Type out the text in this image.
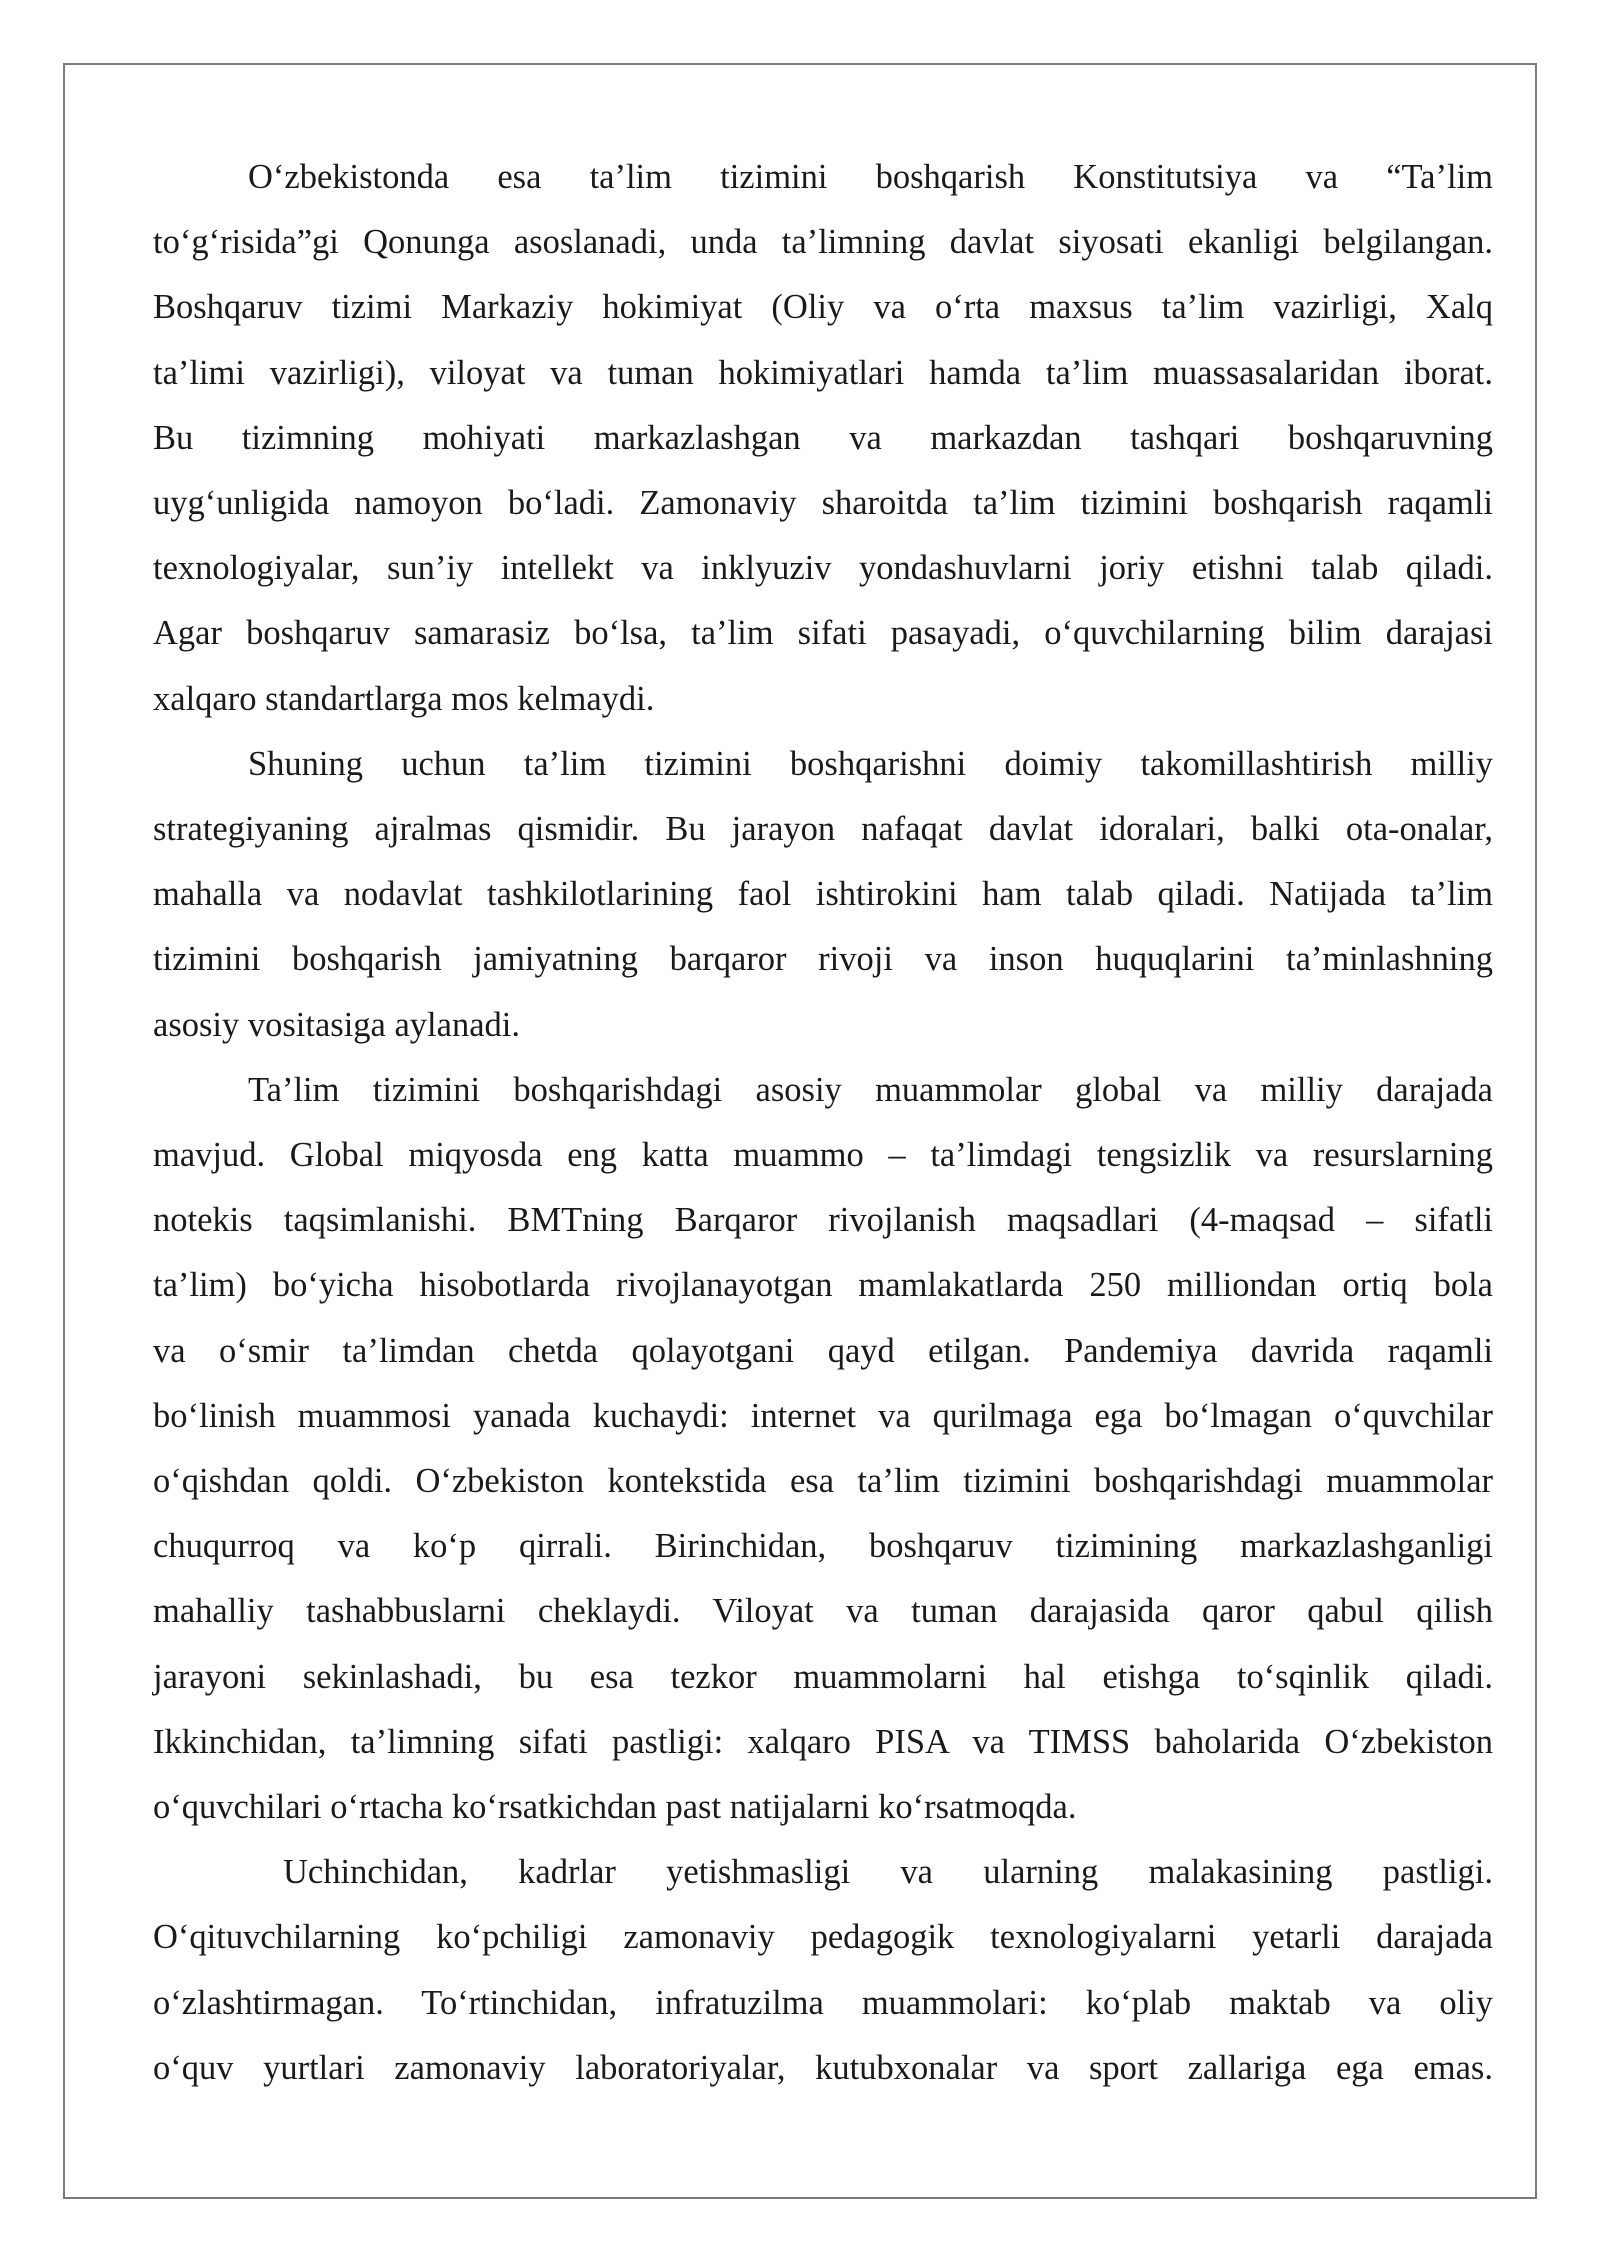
O‘zbekistonda esa ta’lim tizimini boshqarish Konstitutsiya va “Ta’lim
to‘g‘risida”gi Qonunga asoslanadi, unda ta’limning davlat siyosati ekanligi belgilangan.
Boshqaruv tizimi Markaziy hokimiyat (Oliy va o‘rta maxsus ta’lim vazirligi, Xalq
ta’limi vazirligi), viloyat va tuman hokimiyatlari hamda ta’lim muassasalaridan iborat.
Bu tizimning mohiyati markazlashgan va markazdan tashqari boshqaruvning
uyg‘unligida namoyon bo‘ladi. Zamonaviy sharoitda ta’lim tizimini boshqarish raqamli
texnologiyalar, sun’iy intellekt va inklyuziv yondashuvlarni joriy etishni talab qiladi.
Agar boshqaruv samarasiz bo‘lsa, ta’lim sifati pasayadi, o‘quvchilarning bilim darajasi
xalqaro standartlarga mos kelmaydi.
Shuning uchun ta’lim tizimini boshqarishni doimiy takomillashtirish milliy
strategiyaning ajralmas qismidir. Bu jarayon nafaqat davlat idoralari, balki ota-onalar,
mahalla va nodavlat tashkilotlarining faol ishtirokini ham talab qiladi. Natijada ta’lim
tizimini boshqarish jamiyatning barqaror rivoji va inson huquqlarini ta’minlashning
asosiy vositasiga aylanadi.
Ta’lim tizimini boshqarishdagi asosiy muammolar global va milliy darajada
mavjud. Global miqyosda eng katta muammo – ta’limdagi tengsizlik va resurslarning
notekis taqsimlanishi. BMTning Barqaror rivojlanish maqsadlari (4-maqsad – sifatli
ta’lim) bo‘yicha hisobotlarda rivojlanayotgan mamlakatlarda 250 milliondan ortiq bola
va o‘smir ta’limdan chetda qolayotgani qayd etilgan. Pandemiya davrida raqamli
bo‘linish muammosi yanada kuchaydi: internet va qurilmaga ega bo‘lmagan o‘quvchilar
o‘qishdan qoldi. O‘zbekiston kontekstida esa ta’lim tizimini boshqarishdagi muammolar
chuqurroq va ko‘p qirrali. Birinchidan, boshqaruv tizimining markazlashganligi
mahalliy tashabbuslarni cheklaydi. Viloyat va tuman darajasida qaror qabul qilish
jarayoni sekinlashadi, bu esa tezkor muammolarni hal etishga to‘sqinlik qiladi.
Ikkinchidan, ta’limning sifati pastligi: xalqaro PISA va TIMSS baholarida O‘zbekiston
o‘quvchilari o‘rtacha ko‘rsatkichdan past natijalarni ko‘rsatmoqda.
Uchinchidan, kadrlar yetishmasligi va ularning malakasining pastligi.
O‘qituvchilarning ko‘pchiligi zamonaviy pedagogik texnologiyalarni yetarli darajada
o‘zlashtirmagan. To‘rtinchidan, infratuzilma muammolari: ko‘plab maktab va oliy
o‘quv yurtlari zamonaviy laboratoriyalar, kutubxonalar va sport zallariga ega emas.
